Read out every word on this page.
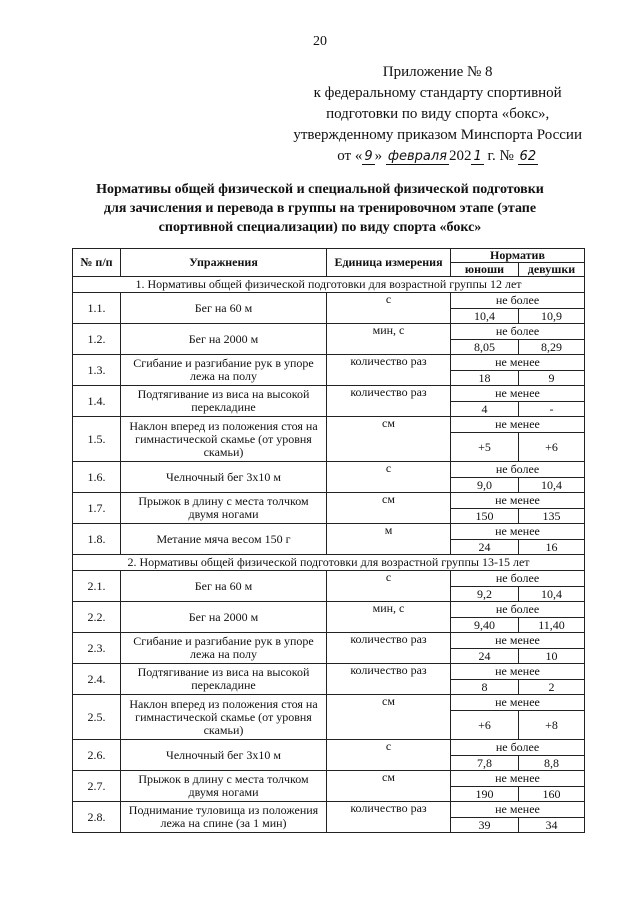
20
Приложение № 8
к федеральному стандарту спортивной
подготовки по виду спорта «бокс»,
утвержденному приказом Минспорта России
от « 9 » февраля 202 1 г. № 62
Нормативы общей физической и специальной физической подготовки
для зачисления и перевода в группы на тренировочном этапе (этапе
спортивной специализации) по виду спорта «бокс»
№ п/п	Упражнения	Единица измерения	Норматив	
			юноши	девушки
1. Нормативы общей физической подготовки для возрастной группы 12 лет				
1.1.	Бег на 60 м	с	не более	
			10,4	10,9
1.2.	Бег на 2000 м	мин, с	не более	
			8,05	8,29
1.3.	Сгибание и разгибание рук в упоре лежа на полу	количество раз	не менее	
			18	9
1.4.	Подтягивание из виса на высокой перекладине	количество раз	не менее	
			4	-
1.5.	Наклон вперед из положения стоя на гимнастической скамье (от уровня скамьи)	см	не менее	
			+5	+6
1.6.	Челночный бег 3x10 м	с	не более	
			9,0	10,4
1.7.	Прыжок в длину с места толчком двумя ногами	см	не менее	
			150	135
1.8.	Метание мяча весом 150 г	м	не менее	
			24	16
2. Нормативы общей физической подготовки для возрастной группы 13-15 лет				
2.1.	Бег на 60 м	с	не более	
			9,2	10,4
2.2.	Бег на 2000 м	мин, с	не более	
			9,40	11,40
2.3.	Сгибание и разгибание рук в упоре лежа на полу	количество раз	не менее	
			24	10
2.4.	Подтягивание из виса на высокой перекладине	количество раз	не менее	
			8	2
2.5.	Наклон вперед из положения стоя на гимнастической скамье (от уровня скамьи)	см	не менее	
			+6	+8
2.6.	Челночный бег 3x10 м	с	не более	
			7,8	8,8
2.7.	Прыжок в длину с места толчком двумя ногами	см	не менее	
			190	160
2.8.	Поднимание туловища из положения лежа на спине (за 1 мин)	количество раз	не менее	
			39	34
